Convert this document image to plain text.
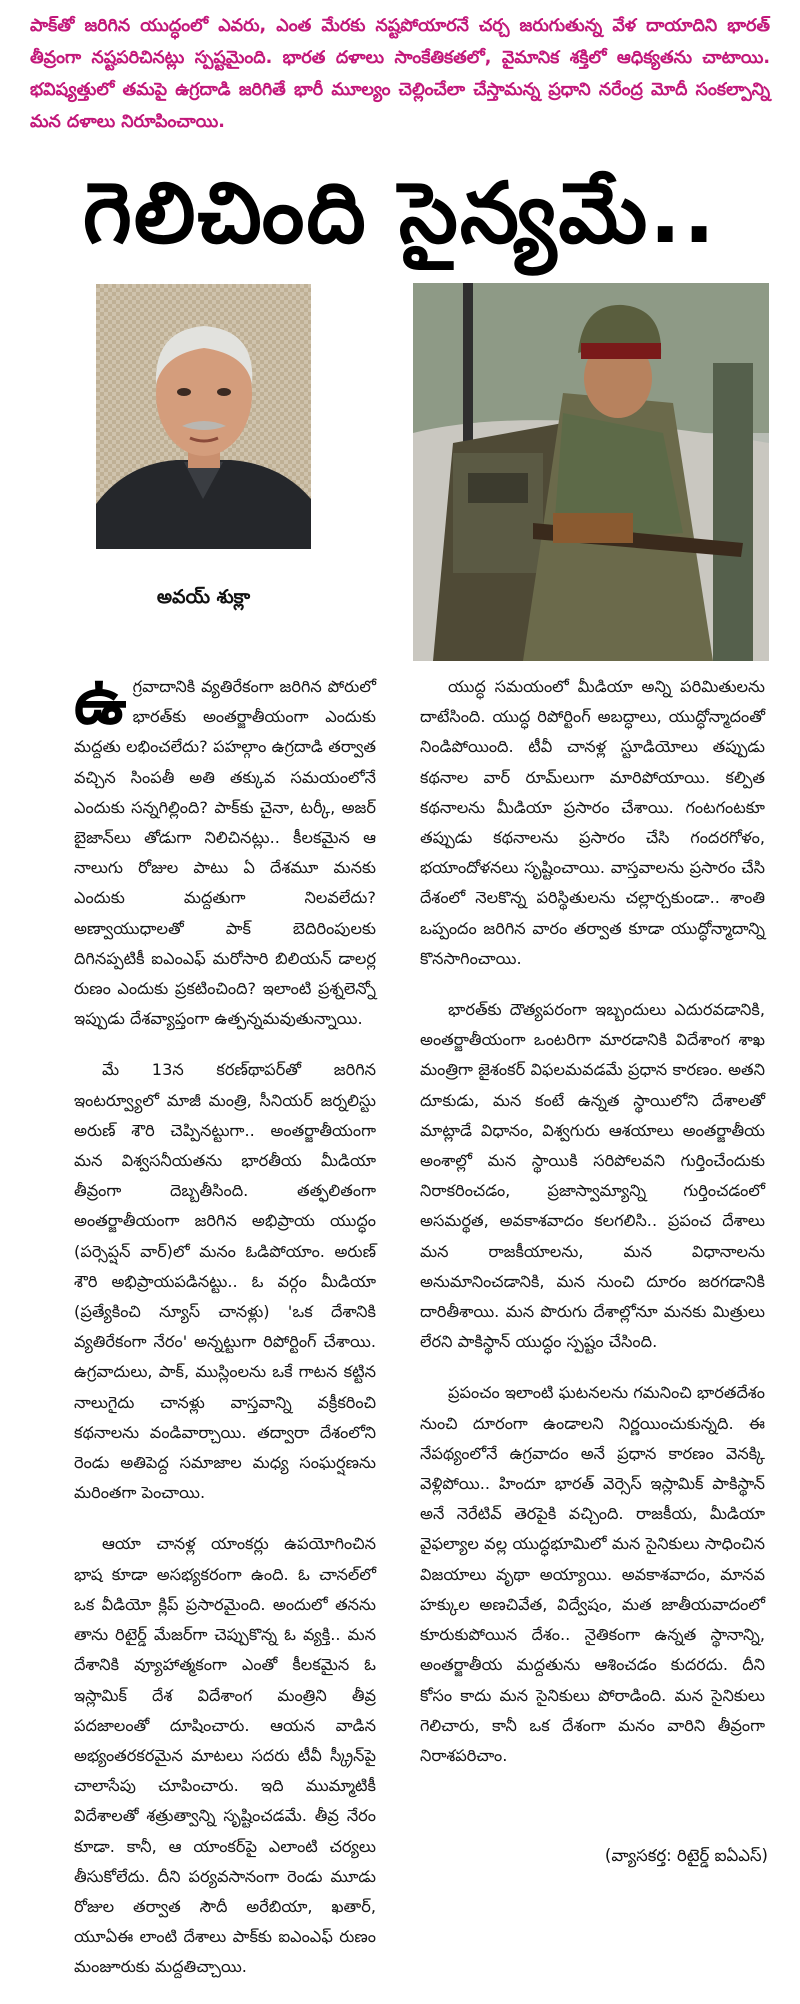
పాక్‌తో జరిగిన యుద్ధంలో ఎవరు, ఎంత మేరకు నష్టపోయారనే చర్చ జరుగుతున్న వేళ దాయాదిని భారత్ తీవ్రంగా నష్టపరిచినట్లు స్పష్టమైంది. భారత దళాలు సాంకేతికతలో, వైమానిక శక్తిలో ఆధిక్యతను చాటాయి. భవిష్యత్తులో తమపై ఉగ్రదాడి జరిగితే భారీ మూల్యం చెల్లించేలా చేస్తామన్న ప్రధాని నరేంద్ర మోదీ సంకల్పాన్ని మన దళాలు నిరూపించాయి.
గెలిచింది సైన్యమే..
అవయ్ శుక్లా

ఉగ్రవాదానికి వ్యతిరేకంగా జరిగిన పోరులో భారత్‌కు అంతర్జాతీయంగా ఎందుకు మద్దతు లభించలేదు? పహల్గాం ఉగ్రదాడి తర్వాత వచ్చిన సింపతీ అతి తక్కువ సమయంలోనే ఎందుకు సన్నగిల్లింది? పాక్‌కు చైనా, టర్కీ, అజర్ బైజాన్‌లు తోడుగా నిలిచినట్లు.. కీలకమైన ఆ నాలుగు రోజుల పాటు ఏ దేశమూ మనకు ఎందుకు మద్దతుగా నిలవలేదు? అణ్వాయుధాలతో పాక్ బెదిరింపులకు దిగినప్పటికీ ఐఎంఎఫ్ మరోసారి బిలియన్ డాలర్ల రుణం ఎందుకు ప్రకటించింది? ఇలాంటి ప్రశ్నలెన్నో ఇప్పుడు దేశవ్యాప్తంగా ఉత్పన్నమవుతున్నాయి.

మే 13న కరణ్‌థాపర్‌తో జరిగిన ఇంటర్వ్యూలో మాజీ మంత్రి, సీనియర్ జర్నలిస్టు అరుణ్ శౌరి చెప్పినట్టుగా.. అంతర్జాతీయంగా మన విశ్వసనీయతను భారతీయ మీడియా తీవ్రంగా దెబ్బతీసింది. తత్ఫలితంగా అంతర్జాతీయంగా జరిగిన అభిప్రాయ యుద్ధం (పర్సెప్షన్ వార్)లో మనం ఓడిపోయాం. అరుణ్ శౌరి అభిప్రాయపడినట్టు.. ఓ వర్గం మీడియా (ప్రత్యేకించి న్యూస్ చానళ్లు) 'ఒక దేశానికి వ్యతిరేకంగా నేరం' అన్నట్టుగా రిపోర్టింగ్ చేశాయి. ఉగ్రవాదులు, పాక్, ముస్లింలను ఒకే గాటన కట్టిన నాలుగైదు చానళ్లు వాస్తవాన్ని వక్రీకరించి కథనాలను వండివార్చాయి. తద్వారా దేశంలోని రెండు అతిపెద్ద సమాజాల మధ్య సంఘర్షణను మరింతగా పెంచాయి.

ఆయా చానళ్ల యాంకర్లు ఉపయోగించిన భాష కూడా అసభ్యకరంగా ఉంది. ఓ చానల్‌లో ఒక వీడియో క్లిప్ ప్రసారమైంది. అందులో తనను తాను రిటైర్డ్ మేజర్‌గా చెప్పుకొన్న ఓ వ్యక్తి.. మన దేశానికి వ్యూహాత్మకంగా ఎంతో కీలకమైన ఓ ఇస్లామిక్ దేశ విదేశాంగ మంత్రిని తీవ్ర పదజాలంతో దూషించారు. ఆయన వాడిన అభ్యంతరకరమైన మాటలు సదరు టీవీ స్క్రీన్‌పై చాలాసేపు చూపించారు. ఇది ముమ్మాటికీ విదేశాలతో శత్రుత్వాన్ని సృష్టించడమే. తీవ్ర నేరం కూడా. కానీ, ఆ యాంకర్‌పై ఎలాంటి చర్యలు తీసుకోలేదు. దీని పర్యవసానంగా రెండు మూడు రోజుల తర్వాత సౌదీ అరేబియా, ఖతార్, యూఏఈ లాంటి దేశాలు పాక్‌కు ఐఎంఎఫ్ రుణం మంజూరుకు మద్దతిచ్చాయి.

యుద్ధ సమయంలో మీడియా అన్ని పరిమితులను దాటేసింది. యుద్ధ రిపోర్టింగ్ అబద్ధాలు, యుద్ధోన్మాదంతో నిండిపోయింది. టీవీ చానళ్ల స్టూడియోలు తప్పుడు కథనాల వార్ రూమ్‌లుగా మారిపోయాయి. కల్పిత కథనాలను మీడియా ప్రసారం చేశాయి. గంటగంటకూ తప్పుడు కథనాలను ప్రసారం చేసి గందరగోళం, భయాందోళనలు సృష్టించాయి. వాస్తవాలను ప్రసారం చేసి దేశంలో నెలకొన్న పరిస్థితులను చల్లార్చకుండా.. శాంతి ఒప్పందం జరిగిన వారం తర్వాత కూడా యుద్ధోన్మాదాన్ని కొనసాగించాయి.

భారత్‌కు దౌత్యపరంగా ఇబ్బందులు ఎదురవడానికి, అంతర్జాతీయంగా ఒంటరిగా మారడానికి విదేశాంగ శాఖ మంత్రిగా జైశంకర్ విఫలమవడమే ప్రధాన కారణం. అతని దూకుడు, మన కంటే ఉన్నత స్థాయిలోని దేశాలతో మాట్లాడే విధానం, విశ్వగురు ఆశయాలు అంతర్జాతీయ అంశాల్లో మన స్థాయికి సరిపోలవని గుర్తించేందుకు నిరాకరించడం, ప్రజాస్వామ్యాన్ని గుర్తించడంలో అసమర్థత, అవకాశవాదం కలగలిసి.. ప్రపంచ దేశాలు మన రాజకీయాలను, మన విధానాలను అనుమానించడానికి, మన నుంచి దూరం జరగడానికి దారితీశాయి. మన పొరుగు దేశాల్లోనూ మనకు మిత్రులు లేరని పాకిస్థాన్ యుద్ధం స్పష్టం చేసింది.

ప్రపంచం ఇలాంటి ఘటనలను గమనించి భారతదేశం నుంచి దూరంగా ఉండాలని నిర్ణయించుకున్నది. ఈ నేపథ్యంలోనే ఉగ్రవాదం అనే ప్రధాన కారణం వెనక్కి వెళ్లిపోయి.. హిందూ భారత్ వెర్సెస్ ఇస్లామిక్ పాకిస్థాన్ అనే నెరేటివ్ తెరపైకి వచ్చింది. రాజకీయ, మీడియా వైఫల్యాల వల్ల యుద్ధభూమిలో మన సైనికులు సాధించిన విజయాలు వృథా అయ్యాయి. అవకాశవాదం, మానవ హక్కుల అణచివేత, విద్వేషం, మత జాతీయవాదంలో కూరుకుపోయిన దేశం.. నైతికంగా ఉన్నత స్థానాన్ని, అంతర్జాతీయ మద్దతును ఆశించడం కుదరదు. దీని కోసం కాదు మన సైనికులు పోరాడింది. మన సైనికులు గెలిచారు, కానీ ఒక దేశంగా మనం వారిని తీవ్రంగా నిరాశపరిచాం.

(వ్యాసకర్త: రిటైర్డ్ ఐఏఎస్)
